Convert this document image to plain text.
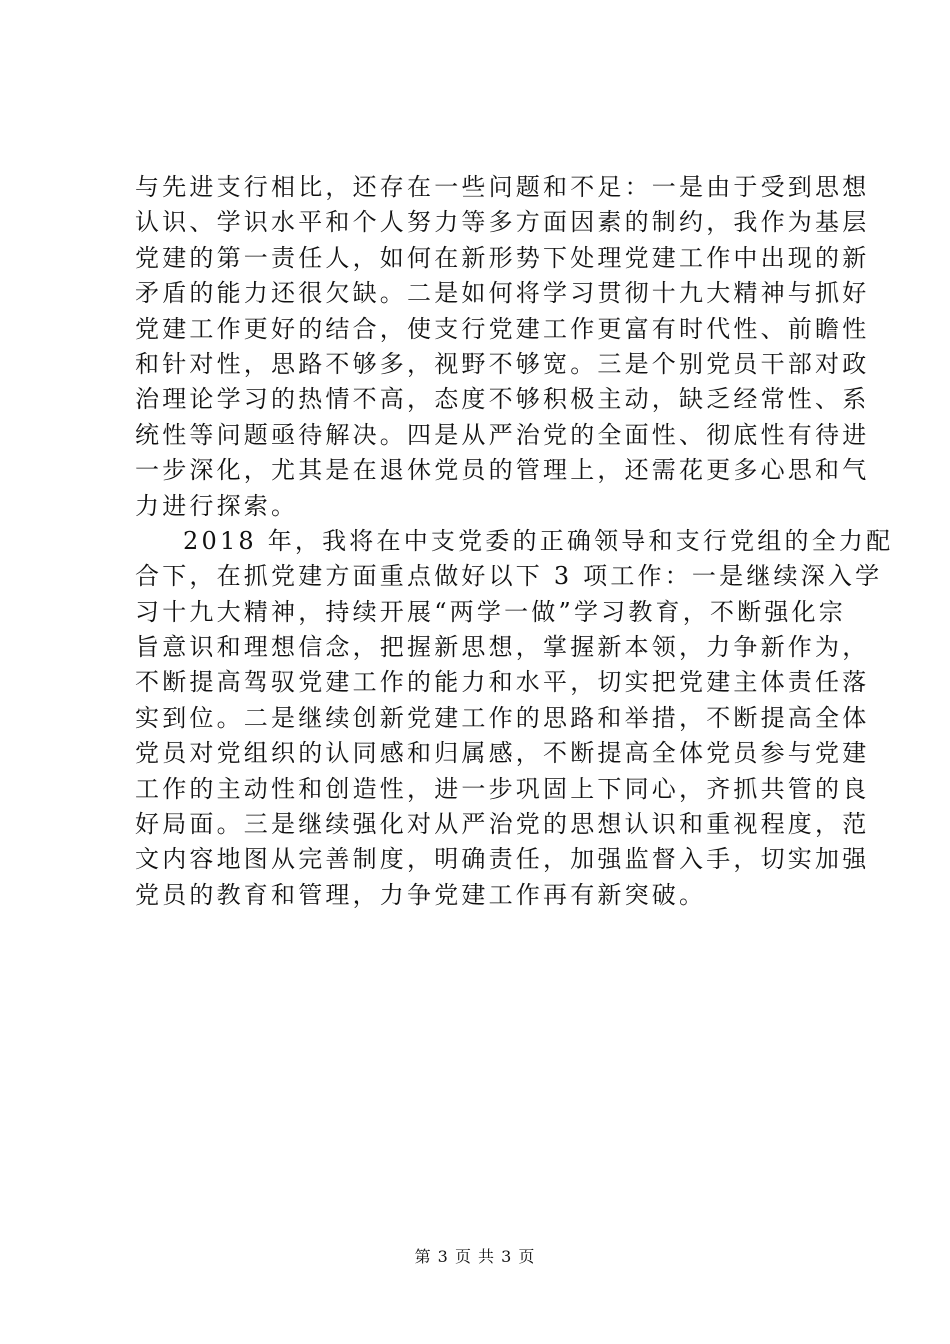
与先进支行相比，还存在一些问题和不足：一是由于受到思想
认识、学识水平和个人努力等多方面因素的制约，我作为基层
党建的第一责任人，如何在新形势下处理党建工作中出现的新
矛盾的能力还很欠缺。二是如何将学习贯彻十九大精神与抓好
党建工作更好的结合，使支行党建工作更富有时代性、前瞻性
和针对性，思路不够多，视野不够宽。三是个别党员干部对政
治理论学习的热情不高，态度不够积极主动，缺乏经常性、系
统性等问题亟待解决。四是从严治党的全面性、彻底性有待进
一步深化，尤其是在退休党员的管理上，还需花更多心思和气
力进行探索。
2018 年，我将在中支党委的正确领导和支行党组的全力配
合下，在抓党建方面重点做好以下 3 项工作：一是继续深入学
习十九大精神，持续开展“两学一做”学习教育，不断强化宗
旨意识和理想信念，把握新思想，掌握新本领，力争新作为，
不断提高驾驭党建工作的能力和水平，切实把党建主体责任落
实到位。二是继续创新党建工作的思路和举措，不断提高全体
党员对党组织的认同感和归属感，不断提高全体党员参与党建
工作的主动性和创造性，进一步巩固上下同心，齐抓共管的良
好局面。三是继续强化对从严治党的思想认识和重视程度，范
文内容地图从完善制度，明确责任，加强监督入手，切实加强
党员的教育和管理，力争党建工作再有新突破。
第 3 页 共 3 页
